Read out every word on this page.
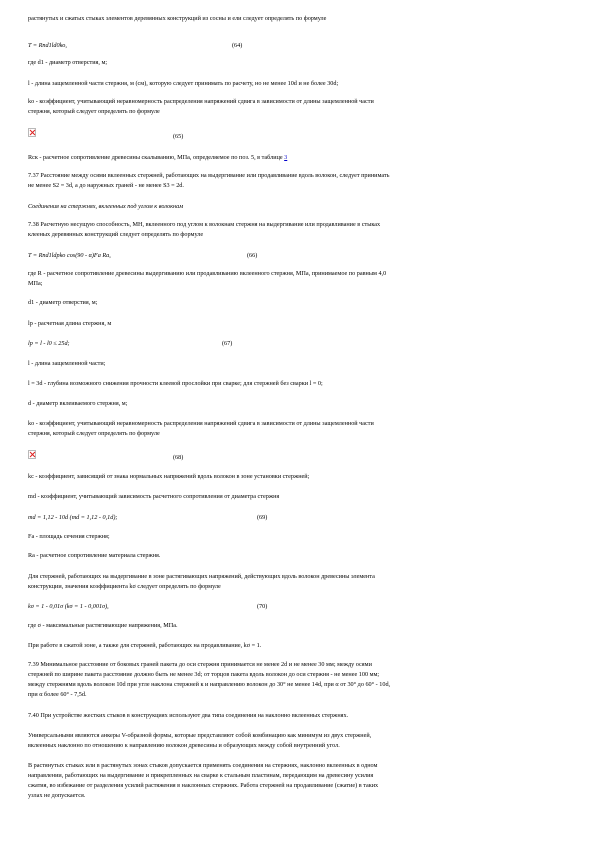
растянутых и сжатых стыках элементов деревянных конструкций из сосны и ели следует определять по формуле
T = Rnd1ld0ko,	(64)
где d1 - диаметр отверстия, м;
l - длина защемленной части стержня, м (см), которую следует принимать по расчету, но не менее 10d и не более 30d;
ko - коэффициент, учитывающий неравномерность распределения напряжений сдвига в зависимости от длины защемленной части
стержня, который следует определять по формуле
(65)
Rск - расчетное сопротивление древесины скалыванию, МПа, определяемое по поз. 5, в таблице 3
7.37 Расстояние между осями вклеенных стержней, работающих на выдергивание или продавливание вдоль волокон, следует принимать
не менее S2 = 3d, а до наружных граней - не менее S3 = 2d.
Соединения на стержнях, вклеенных под углом к волокнам
7.38 Расчетную несущую способность, МН, вклеенного под углом к волокнам стержня на выдергивание или продавливание в стыках
клееных деревянных конструкций следует определять по формуле
T = Rnd1ldpko cos(90 - α)Fa Ra,	(66)
где R - расчетное сопротивление древесины выдергиванию или продавливанию вклеенного стержня, МПа, принимаемое по равным 4,0
МПа;
d1 - диаметр отверстия, м;
lp - расчетная длина стержня, м
lp = l - l0 ≤ 25d;	(67)
l - длина защемленной части;
l = 3d - глубина возможного снижения прочности клеевой прослойки при сварке; для стержней без сварки l = 0;
d - диаметр вклеиваемого стержня, м;
ko - коэффициент, учитывающий неравномерность распределения напряжений сдвига в зависимости от длины защемленной части
стержня, который следует определять по формуле
(68)
kc - коэффициент, зависящий от знака нормальных напряжений вдоль волокон в зоне установки стержней;
md - коэффициент, учитывающий зависимость расчетного сопротивления от диаметра стержня
md = 1,12 - 10d (md = 1,12 - 0,1d);	(69)
Fa - площадь сечения стержня;
Ra - расчетное сопротивление материала стержня.
Для стержней, работающих на выдергивание в зоне растягивающих напряжений, действующих вдоль волокон древесины элемента
конструкции, значения коэффициента kσ следует определять по формуле
kσ = 1 - 0,01σ (kσ = 1 - 0,001σ),	(70)
где σ - максимальные растягивающие напряжения, МПа.
При работе в сжатой зоне, а также для стержней, работающих на продавливание, kσ = 1.
7.39 Минимальное расстояние от боковых граней пакета до оси стержня принимается не менее 2d и не менее 30 мм; между осями
стержней по ширине пакета расстояние должно быть не менее 3d; от торцов пакета вдоль волокон до оси стержня - не менее 100 мм;
между стержнями вдоль волокон 10d при угле наклона стержней к и направлению волокон до 30° не менее 14d, при α от 30° до 60° - 10d,
при α более 60° - 7,5d.
7.40 При устройстве жестких стыков в конструкциях используют два типа соединения на наклонно вклеенных стержнях.
Универсальными являются анкеры V-образной формы, которые представляют собой комбинацию как минимум из двух стержней,
вклеенных наклонно по отношению к направлению волокон древесины и образующих между собой внутренний угол.
В растянутых стыках или в растянутых зонах стыков допускается применять соединения на стержнях, наклонно вклеенных в одном
направлении, работающих на выдергивание и прикрепленных на сварке к стальным пластинам, передающим на древесину усилия
сжатия, во избежание от разделения усилий растяжения в наклонных стержнях. Работа стержней на продавливание (сжатие) в таких
узлах не допускается.
